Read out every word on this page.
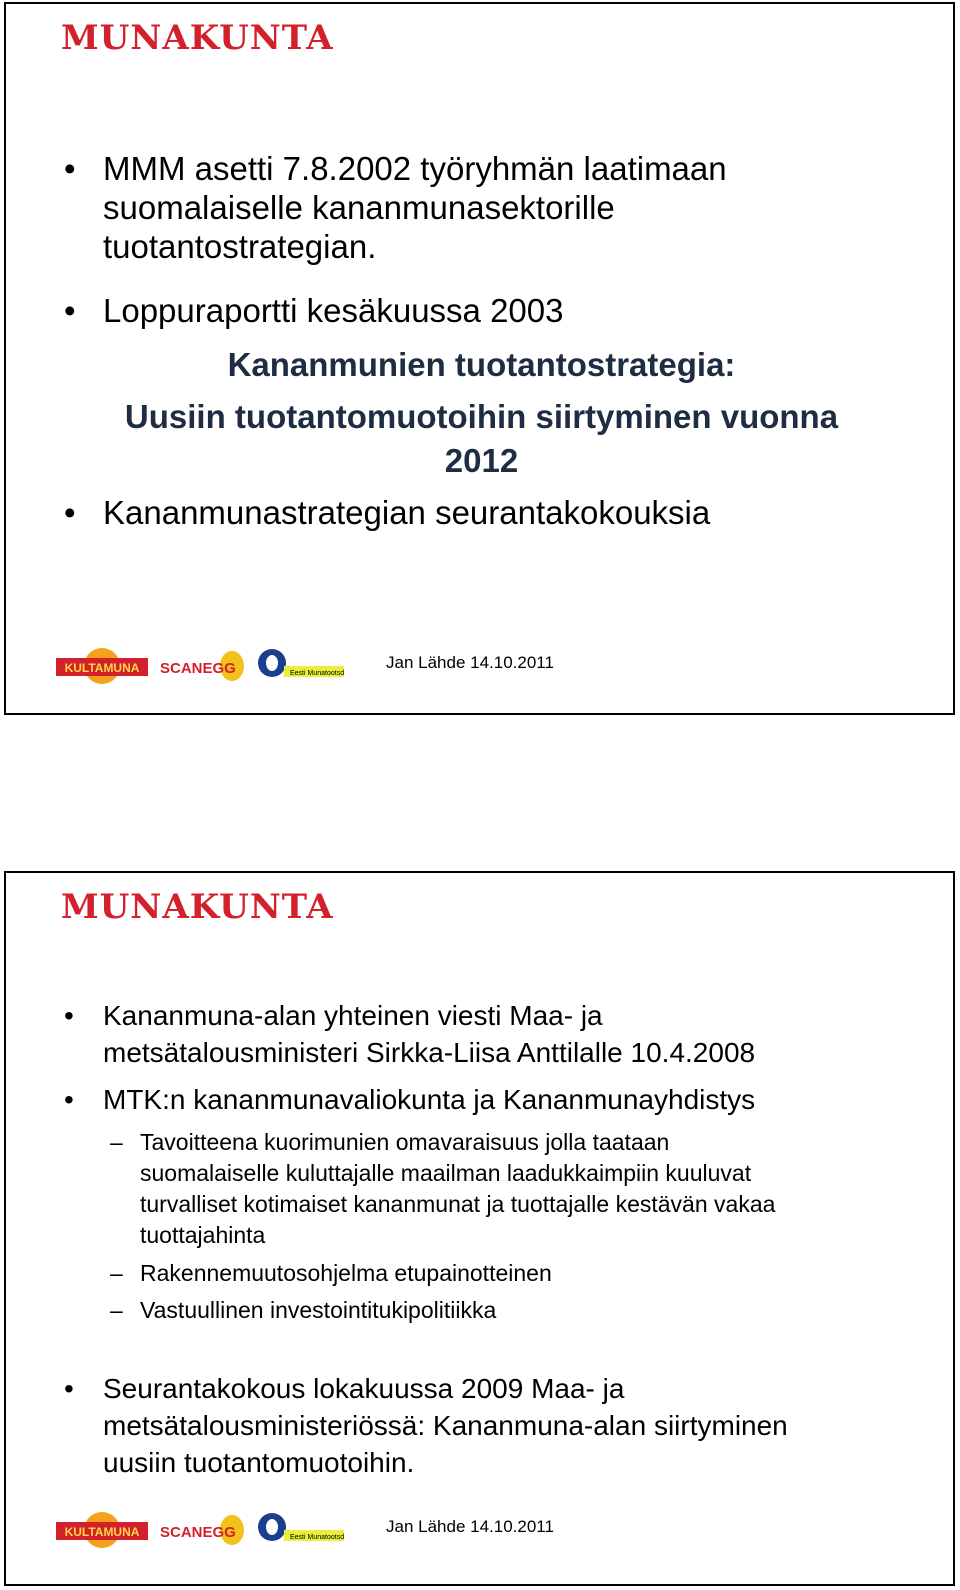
MUNAKUNTA
• MMM asetti 7.8.2002 työryhmän laatimaan
suomalaiselle kananmunasektorille
tuotantostrategian.
• Loppuraportti kesäkuussa 2003
Kananmunien tuotantostrategia:
Uusiin tuotantomuotoihin siirtyminen vuonna
2012
• Kananmunastrategian seurantakokouksia
KULTAMUNA SCANEGG	Eesti Munatootsd
Jan Lähde 14.10.2011
MUNAKUNTA
•	Kananmuna-alan yhteinen viesti Maa- ja
metsätalousministeri Sirkka-Liisa Anttilalle 10.4.2008
•	MTK:n kananmunavaliokunta ja Kananmunayhdistys
– Tavoitteena kuorimunien omavaraisuus jolla taataan
suomalaiselle kuluttajalle maailman laadukkaimpiin kuuluvat
turvalliset kotimaiset kananmunat ja tuottajalle kestävän vakaa
tuottajahinta
– Rakennemuutosohjelma etupainotteinen
– Vastuullinen investointitukipolitiikka
•	Seurantakokous lokakuussa 2009 Maa- ja
metsätalousministeriössä: Kananmuna-alan siirtyminen
uusiin tuotantomuotoihin.
KULTAMUNA SCANEGG	Eesti Munatootsd
Jan Lähde 14.10.2011
